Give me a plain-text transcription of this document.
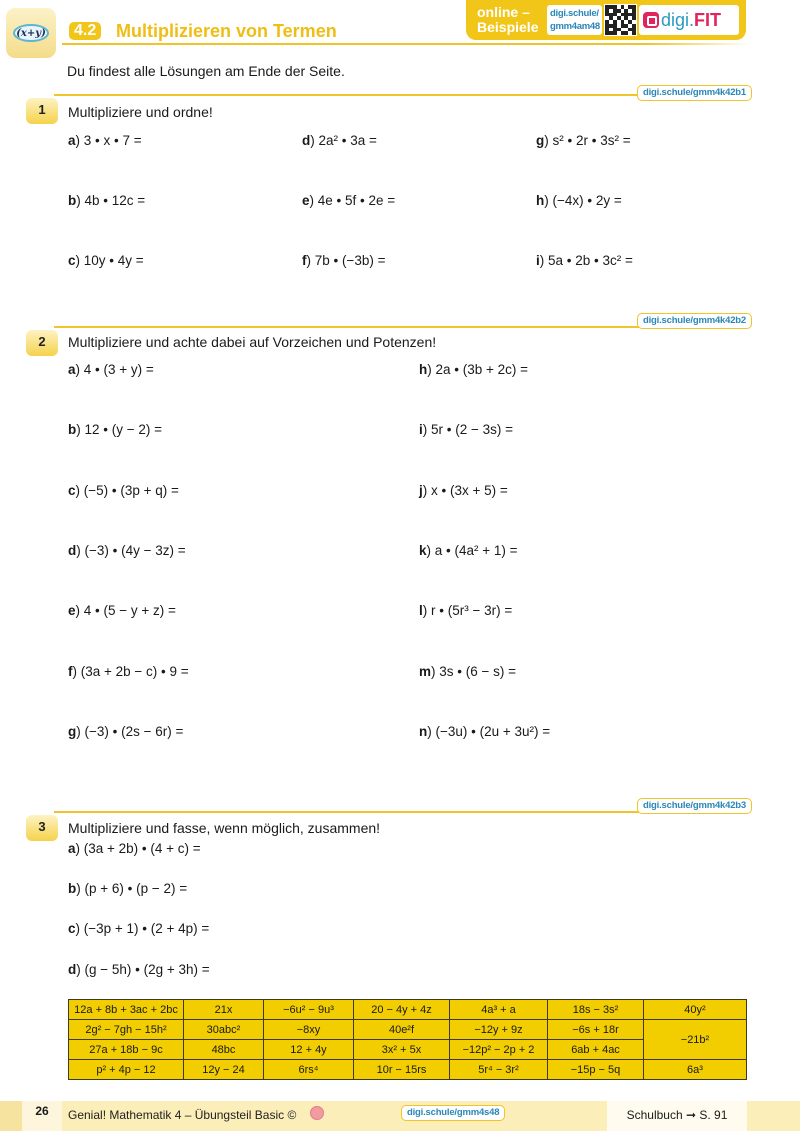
(x+y)	4.2 Multiplizieren von Termen
online –
Beispiele
digi.schule/
gmm4am48	digi.FIT
Du findest alle Lösungen am Ende der Seite.
digi.schule/gmm4k42b1
1	Multipliziere und ordne!
a) 3 • x • 7 =
b) 4b • 12c =
c) 10y • 4y =
d) 2a² • 3a =
e) 4e • 5f • 2e =
f) 7b • (−3b) =
g) s² • 2r • 3s² =
h) (−4x) • 2y =
i) 5a • 2b • 3c² =
digi.schule/gmm4k42b2
2	Multipliziere und achte dabei auf Vorzeichen und Potenzen!
a) 4 • (3 + y) =
b) 12 • (y − 2) =
c) (−5) • (3p + q) =
d) (−3) • (4y − 3z) =
e) 4 • (5 − y + z) =
f) (3a + 2b − c) • 9 =
g) (−3) • (2s − 6r) =
h) 2a • (3b + 2c) =
i) 5r • (2 − 3s) =
j) x • (3x + 5) =
k) a • (4a² + 1) =
l) r • (5r³ − 3r) =
m) 3s • (6 − s) =
n) (−3u) • (2u + 3u²) =
digi.schule/gmm4k42b3
3	Multipliziere und fasse, wenn möglich, zusammen!
a) (3a + 2b) • (4 + c) =
b) (p + 6) • (p − 2) =
c) (−3p + 1) • (2 + 4p) =
d) (g − 5h) • (2g + 3h) =
12a + 8b + 3ac + 2bc	21x	−6u² − 9u³	20 − 4y + 4z	4a³ + a	18s − 3s²	40y²
2g² − 7gh − 15h²	30abc²	−8xy	40e²f	−12y + 9z	−6s + 18r	−21b²
27a + 18b − 9c	48bc	12 + 4y	3x² + 5x	−12p² − 2p + 2	6ab + 4ac	
p² + 4p − 12	12y − 24	6rs⁴	10r − 15rs	5r⁴ − 3r²	−15p − 5q	6a³
26	Genial! Mathematik 4 – Übungsteil Basic ©	digi.schule/gmm4s48	Schulbuch ➞ S. 91
